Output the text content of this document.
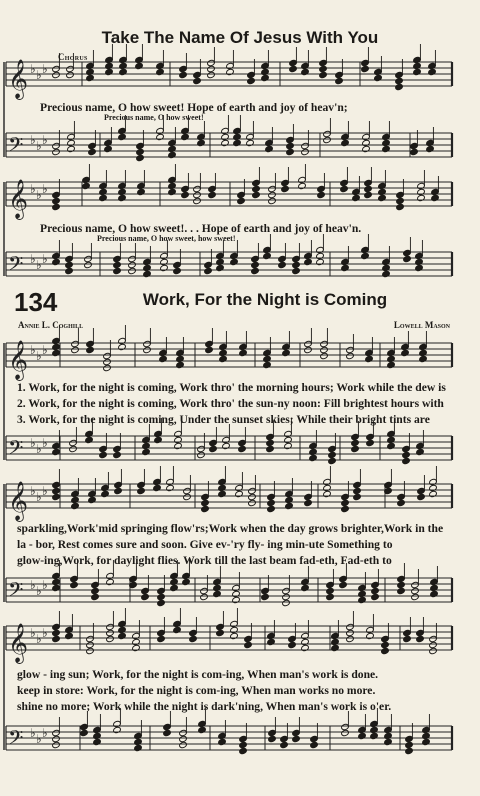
Take The Name Of Jesus With You
Chorus
𝄞 ♭ ♭ ♭
𝄢 ♭ ♭ ♭
𝄞 ♭ ♭ ♭
𝄢 ♭ ♭ ♭
𝄞 ♭ ♭ ♭
𝄢 ♭ ♭ ♭
𝄞 ♭ ♭ ♭
𝄢 ♭ ♭ ♭
𝄞 ♭ ♭ ♭
𝄢 ♭ ♭ ♭
Precious name, O how sweet! Hope of earth and joy of heav'n;
Precious name, O how sweet!
Precious name, O how sweet!. . . Hope of earth and joy of heav'n.
Precious name, O how sweet, how sweet!
134	Work, For the Night is Coming
Annie L. Coghill	Lowell Mason
1. Work, for the night is coming, Work thro' the morning hours; Work while the dew is
2. Work, for the night is coming, Work thro' the sun-ny noon: Fill brightest hours with
3. Work, for the night is coming, Under the sunset skies; While their bright tints are
sparkling,Work'mid springing flow'rs;Work when the day grows brighter,Work in the
la - bor, Rest comes sure and soon. Give ev-'ry fly- ing min-ute Something to
glow-ing,Work, for daylight flies. Work till the last beam fad-eth, Fad-eth to
glow - ing sun; Work, for the night is com-ing, When man's work is done.
keep in store: Work, for the night is com-ing, When man works no more.
shine no more; Work while the night is dark'ning, When man's work is o'er.
